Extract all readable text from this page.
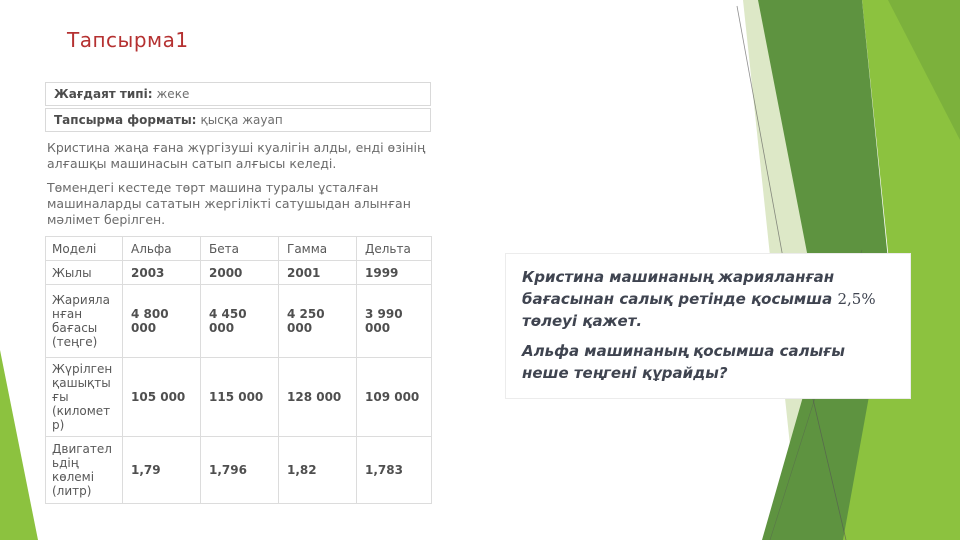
Тапсырма1
Жағдаят типі: жеке
Тапсырма форматы: қысқа жауап

Кристина жаңа ғана жүргізуші куалігін алды, енді өзінің алғашқы машинасын сатып алғысы келеді.

Төмендегі кестеде төрт машина туралы ұсталған машиналарды сататын жергілікті сатушыдан алынған мәлімет берілген.

Моделі	Альфа	Бета	Гамма	Дельта
Жылы	2003	2000	2001	1999
Жарияланған бағасы (теңге)	4 800 000	4 450 000	4 250 000	3 990 000
Жүрілген қашықтығы (километр)	105 000	115 000	128 000	109 000
Двигательдің көлемі (литр)	1,79	1,796	1,82	1,783

Кристина машинаның жарияланған бағасынан салық ретінде қосымша 2,5% төлеуі қажет.

Альфа машинаның қосымша салығы неше теңгені құрайды?
